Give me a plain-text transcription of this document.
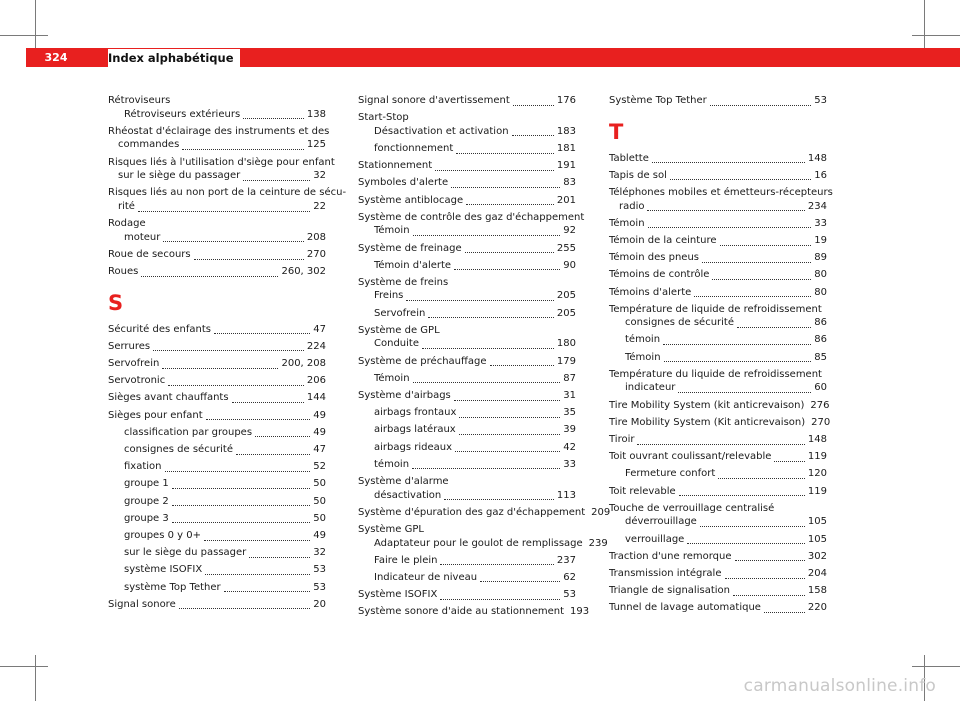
324	Index alphabétique
Rétroviseurs
Rétroviseurs extérieurs	138
Rhéostat d'éclairage des instruments et des
commandes	125
Risques liés à l'utilisation d'siège pour enfant
sur le siège du passager	32
Risques liés au non port de la ceinture de sécu-
rité	22
Rodage
moteur	208
Roue de secours	270
Roues	260, 302
S
Sécurité des enfants	47
Serrures	224
Servofrein	200, 208
Servotronic	206
Sièges avant chauffants	144
Sièges pour enfant	49
classification par groupes	49
consignes de sécurité	47
fixation	52
groupe 1	50
groupe 2	50
groupe 3	50
groupes 0 y 0+	49
sur le siège du passager	32
système ISOFIX	53
système Top Tether	53
Signal sonore	20
Signal sonore d'avertissement	176
Start-Stop
Désactivation et activation	183
fonctionnement	181
Stationnement	191
Symboles d'alerte	83
Système antiblocage	201
Système de contrôle des gaz d'échappement
Témoin	92
Système de freinage	255
Témoin d'alerte	90
Système de freins
Freins	205
Servofrein	205
Système de GPL
Conduite	180
Système de préchauffage	179
Témoin	87
Système d'airbags	31
airbags frontaux	35
airbags latéraux	39
airbags rideaux	42
témoin	33
Système d'alarme
désactivation	113
Système d'épuration des gaz d'échappement 209
Système GPL
Adaptateur pour le goulot de remplissage 239
Faire le plein	237
Indicateur de niveau	62
Système ISOFIX	53
Système sonore d'aide au stationnement 193
Système Top Tether	53
T
Tablette	148
Tapis de sol	16
Téléphones mobiles et émetteurs-récepteurs
radio	234
Témoin	33
Témoin de la ceinture	19
Témoin des pneus	89
Témoins de contrôle	80
Témoins d'alerte	80
Température de liquide de refroidissement
consignes de sécurité	86
témoin	86
Témoin	85
Température du liquide de refroidissement
indicateur	60
Tire Mobility System (kit anticrevaison) 276
Tire Mobility System (Kit anticrevaison) 270
Tiroir	148
Toit ouvrant coulissant/relevable	119
Fermeture confort	120
Toit relevable	119
Touche de verrouillage centralisé
déverrouillage	105
verrouillage	105
Traction d'une remorque	302
Transmission intégrale	204
Triangle de signalisation	158
Tunnel de lavage automatique	220
carmanualsonline.info
